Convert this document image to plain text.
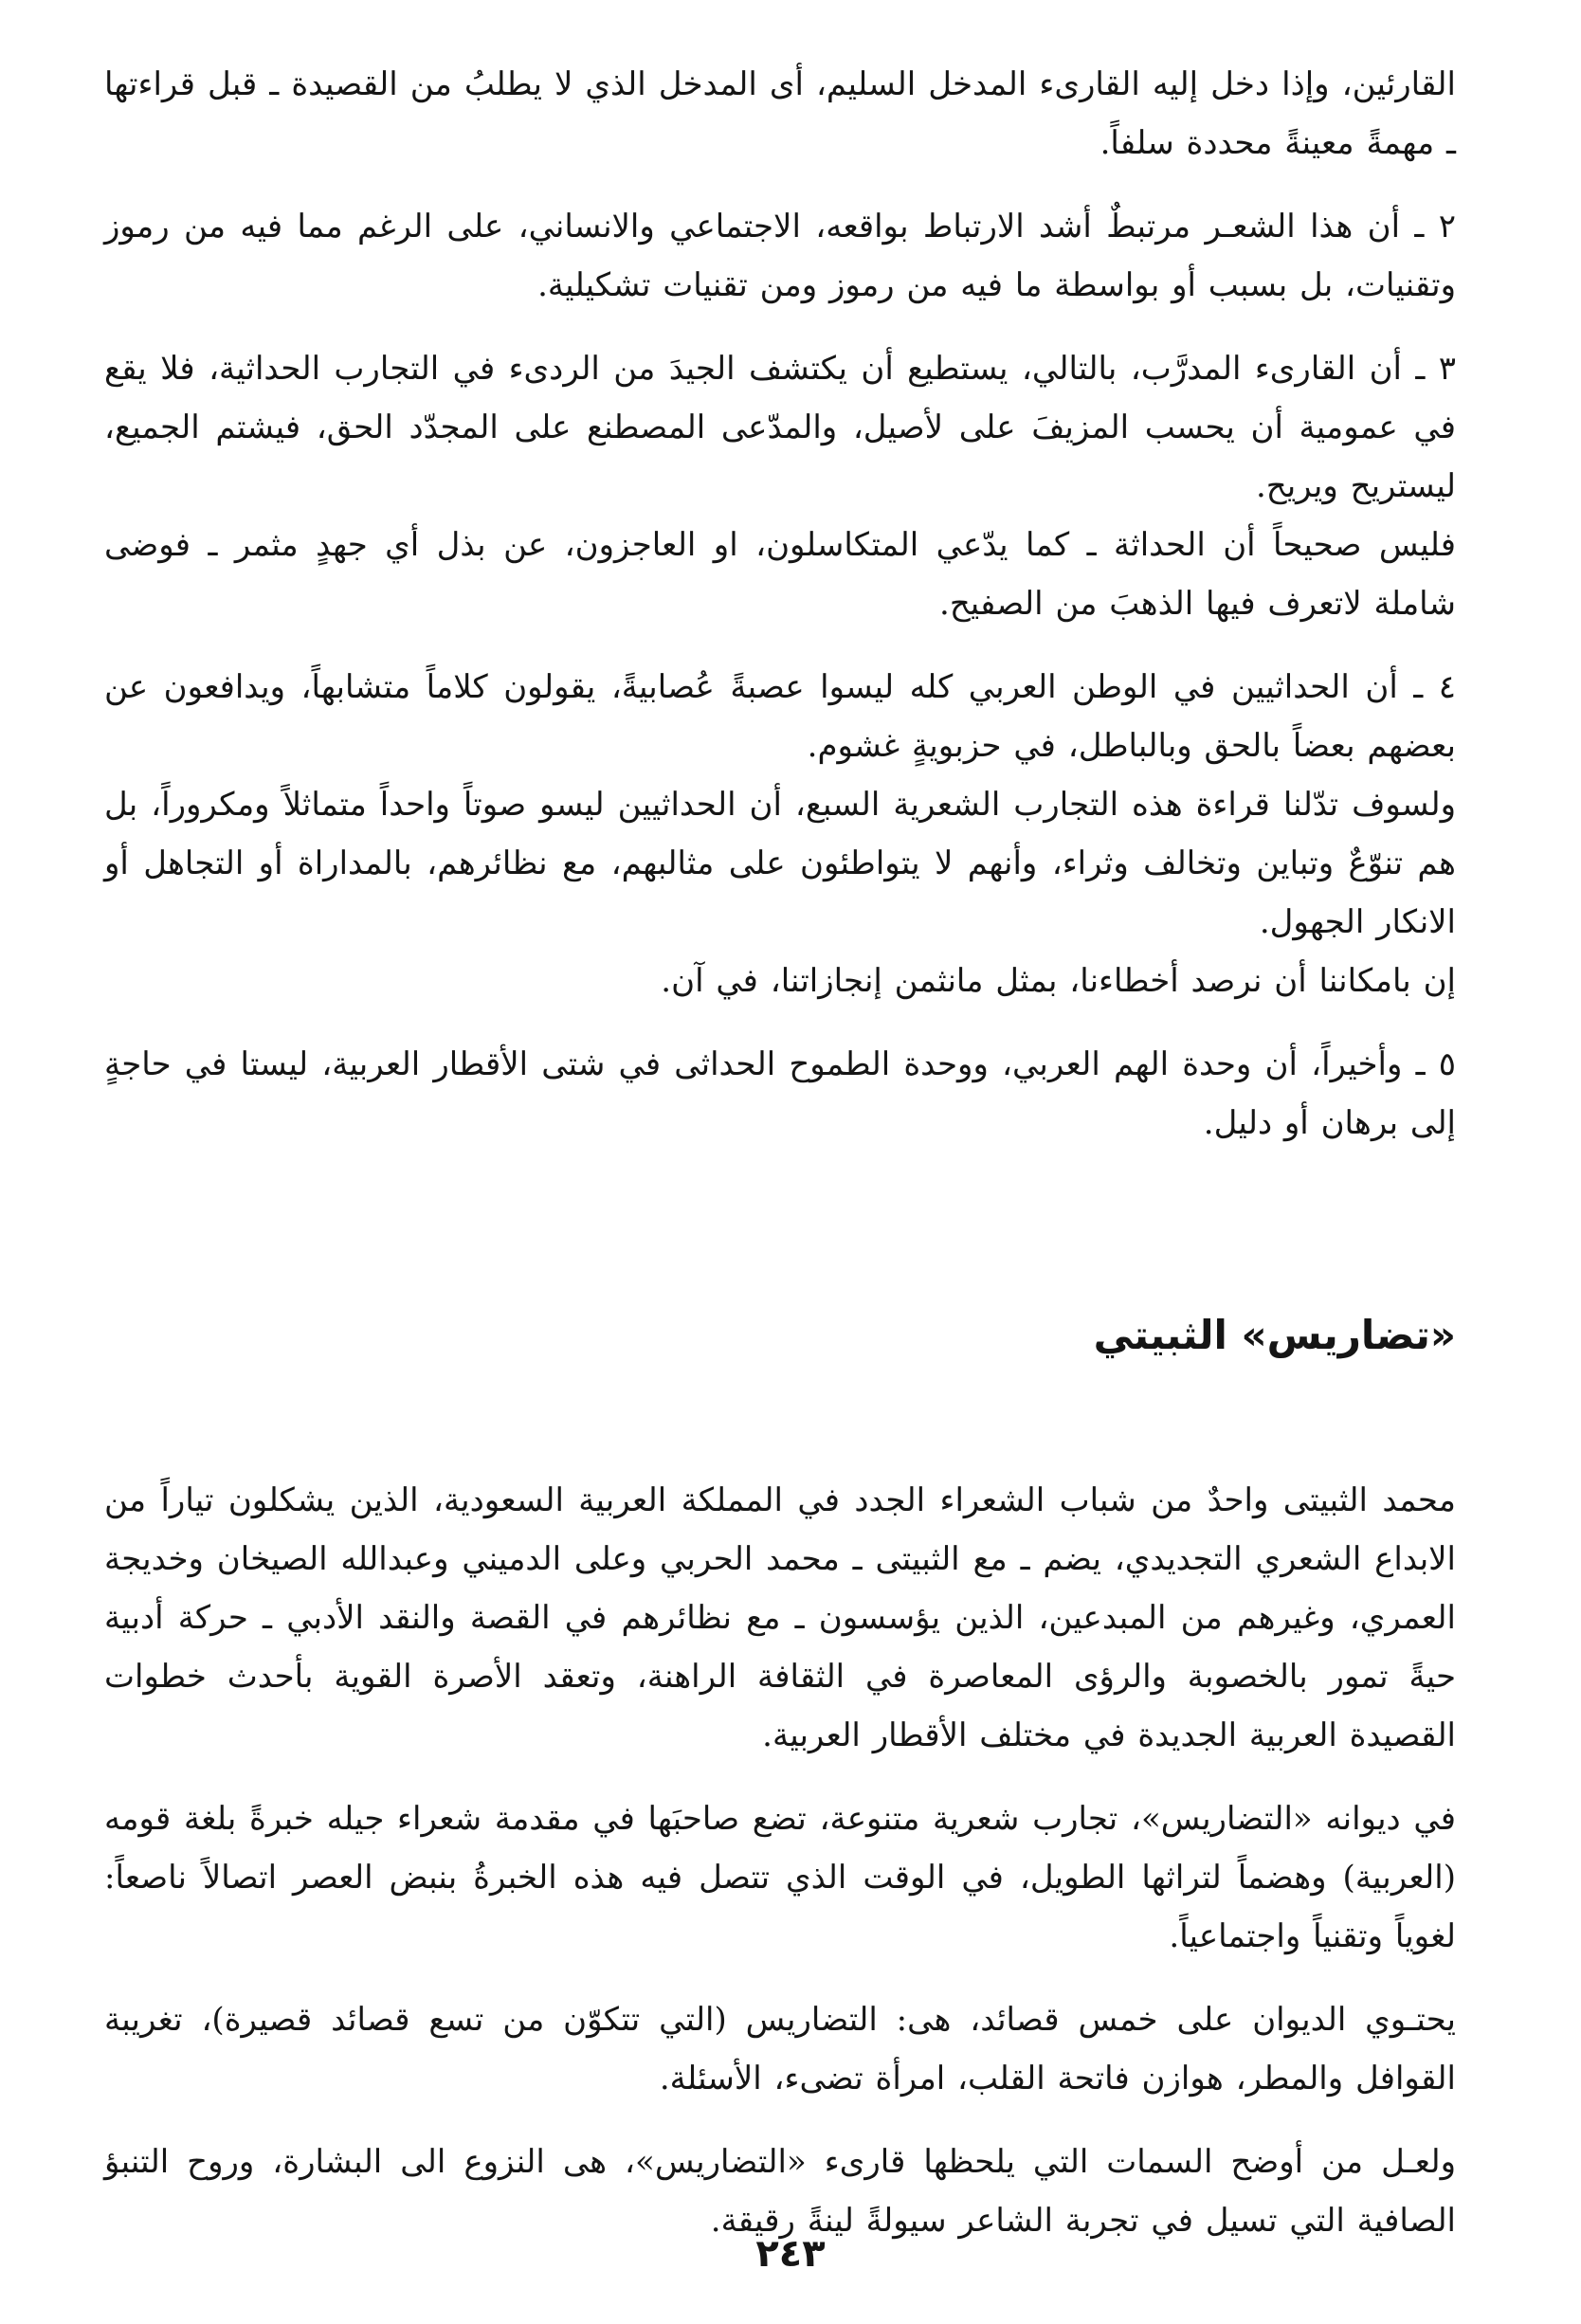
القارئين، وإذا دخل إليه القارىء المدخل السليم، أى المدخل الذي لا يطلبُ من القصيدة ـ قبل قراءتها ـ مهمةً معينةً محددة سلفاً.

٢ ـ أن هذا الشعـر مرتبطٌ أشد الارتباط بواقعه، الاجتماعي والانساني، على الرغم مما فيه من رموز وتقنيات، بل بسبب أو بواسطة ما فيه من رموز ومن تقنيات تشكيلية.

٣ ـ أن القارىء المدرَّب، بالتالي، يستطيع أن يكتشف الجيدَ من الردىء في التجارب الحداثية، فلا يقع في عمومية أن يحسب المزيفَ على لأصيل، والمدّعى المصطنع على المجدّد الحق، فيشتم الجميع، ليستريح ويريح.

فليس صحيحاً أن الحداثة ـ كما يدّعي المتكاسلون، او العاجزون، عن بذل أي جهدٍ مثمر ـ فوضى شاملة لاتعرف فيها الذهبَ من الصفيح.

٤ ـ أن الحداثيين في الوطن العربي كله ليسوا عصبةً عُصابيةً، يقولون كلاماً متشابهاً، ويدافعون عن بعضهم بعضاً بالحق وبالباطل، في حزبويةٍ غشوم.

ولسوف تدّلنا قراءة هذه التجارب الشعرية السبع، أن الحداثيين ليسو صوتاً واحداً متماثلاً ومكروراً، بل هم تنوّعٌ وتباين وتخالف وثراء، وأنهم لا يتواطئون على مثالبهم، مع نظائرهم، بالمداراة أو التجاهل أو الانكار الجهول.

إن بامكاننا أن نرصد أخطاءنا، بمثل مانثمن إنجازاتنا، في آن.

٥ ـ وأخيراً، أن وحدة الهم العربي، ووحدة الطموح الحداثى في شتى الأقطار العربية، ليستا في حاجةٍ إلى برهان أو دليل.

«تضاريس» الثبيتي

محمد الثبيتى واحدٌ من شباب الشعراء الجدد في المملكة العربية السعودية، الذين يشكلون تياراً من الابداع الشعري التجديدي، يضم ـ مع الثبيتى ـ محمد الحربي وعلى الدميني وعبدالله الصيخان وخديجة العمري، وغيرهم من المبدعين، الذين يؤسسون ـ مع نظائرهم في القصة والنقد الأدبي ـ حركة أدبية حيةً تمور بالخصوبة والرؤى المعاصرة في الثقافة الراهنة، وتعقد الأصرة القوية بأحدث خطوات القصيدة العربية الجديدة في مختلف الأقطار العربية.

في ديوانه «التضاريس»، تجارب شعرية متنوعة، تضع صاحبَها في مقدمة شعراء جيله خبرةً بلغة قومه (العربية) وهضماً لتراثها الطويل، في الوقت الذي تتصل فيه هذه الخبرةُ بنبض العصر اتصالاً ناصعاً: لغوياً وتقنياً واجتماعياً.

يحتـوي الديوان على خمس قصائد، هى: التضاريس (التي تتكوّن من تسع قصائد قصيرة)، تغريبة القوافل والمطر، هوازن فاتحة القلب، امرأة تضىء، الأسئلة.

ولعـل من أوضح السمات التي يلحظها قارىء «التضاريس»، هى النزوع الى البشارة، وروح التنبؤ الصافية التي تسيل في تجربة الشاعر سيولةً لينةً رقيقة.

٢٤٣
